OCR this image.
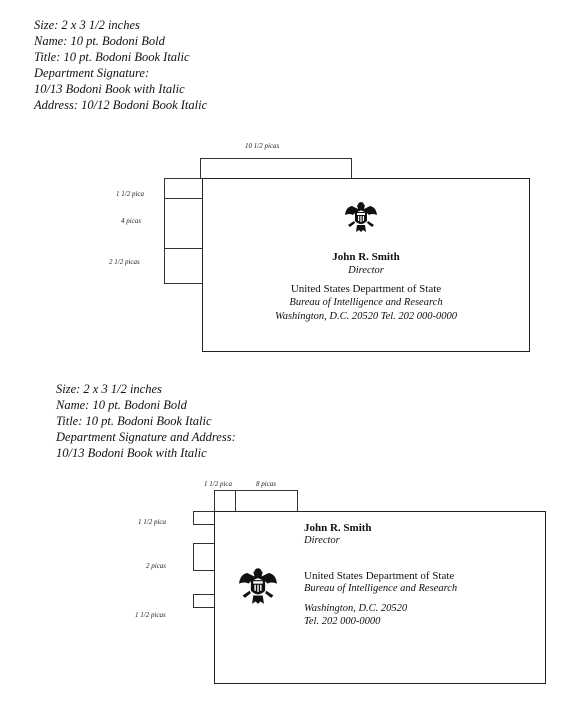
Size: 2 x 3 1/2 inches
Name: 10 pt. Bodoni Bold
Title: 10 pt. Bodoni Book Italic
Department Signature:
10/13 Bodoni Book with Italic
Address: 10/12 Bodoni Book Italic
10 1/2 picas
1 1/2 pica
4 picas
2 1/2 picas	John R. Smith
Director
United States Department of State
Bureau of Intelligence and Research
Washington, D.C. 20520 Tel. 202 000-0000
Size: 2 x 3 1/2 inches
Name: 10 pt. Bodoni Bold
Title: 10 pt. Bodoni Book Italic
Department Signature and Address:
10/13 Bodoni Book with Italic
1 1/2 pica	8 picas
1 1/2 pica
2 picas
1 1/2 picas
John R. Smith
Director
United States Department of State
Bureau of Intelligence and Research
Washington, D.C. 20520
Tel. 202 000-0000
